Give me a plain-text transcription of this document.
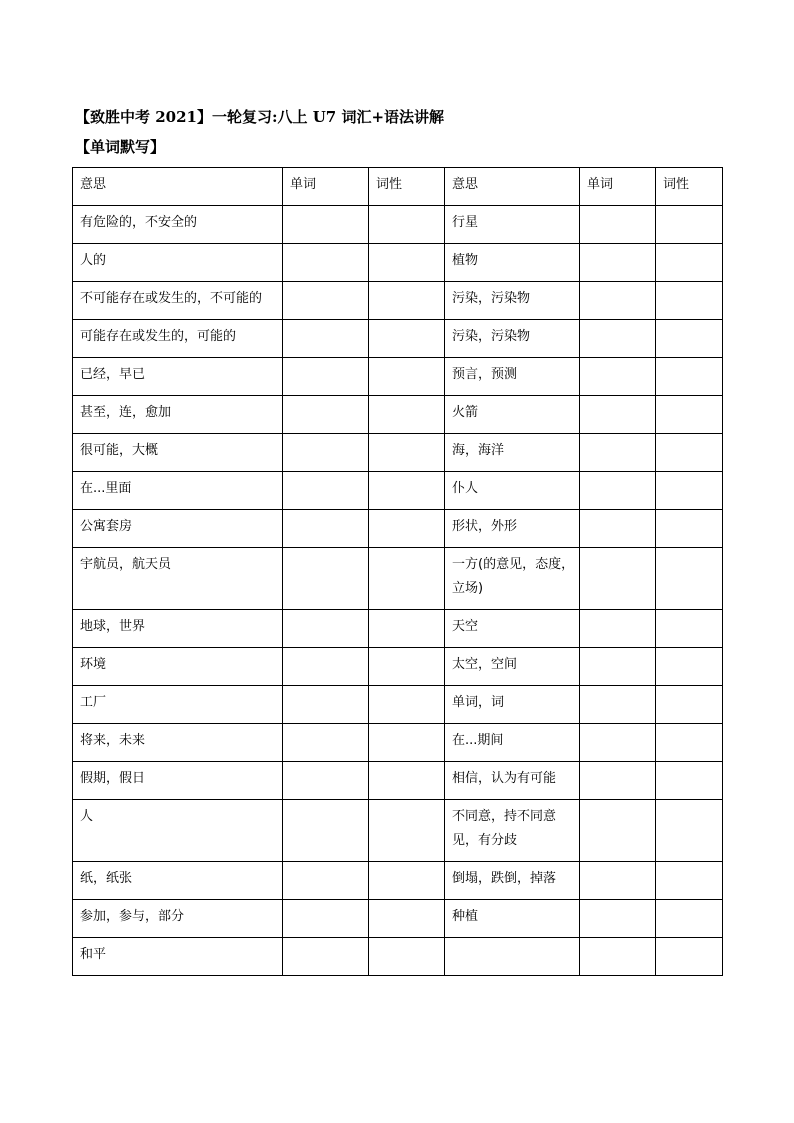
【致胜中考 2021】一轮复习:八上 U7 词汇+语法讲解
【单词默写】
意思	单词	词性	意思	单词	词性
有危险的，不安全的			行星		
人的			植物		
不可能存在或发生的，不可能的			污染，污染物		
可能存在或发生的，可能的			污染，污染物		
已经，早已			预言，预测		
甚至，连，愈加			火箭		
很可能，大概			海，海洋		
在...里面			仆人		
公寓套房			形状，外形		
宇航员，航天员			一方(的意见，态度，立场)		
地球，世界			天空		
环境			太空，空间		
工厂			单词，词		
将来，未来			在...期间		
假期，假日			相信，认为有可能		
人			不同意，持不同意见，有分歧		
纸，纸张			倒塌，跌倒，掉落		
参加，参与，部分			种植		
和平					
